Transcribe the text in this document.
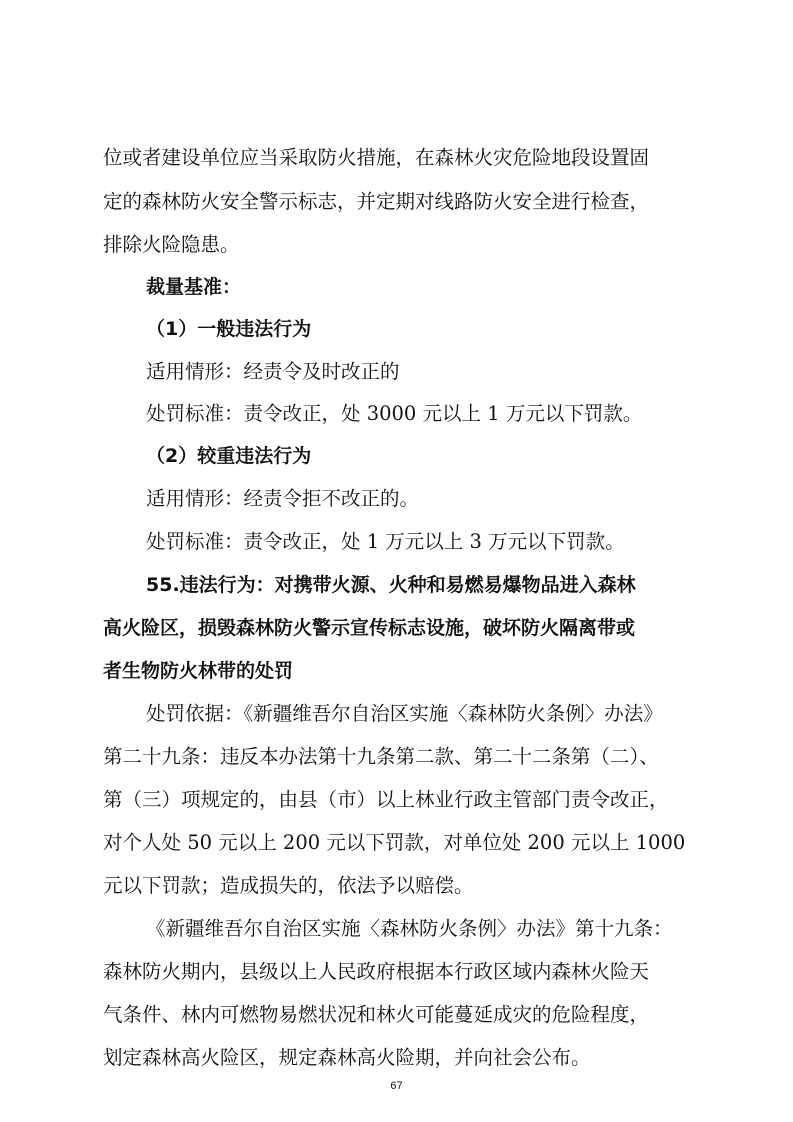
位或者建设单位应当采取防火措施，在森林火灾危险地段设置固

定的森林防火安全警示标志，并定期对线路防火安全进行检查，

排除火险隐患。

裁量基准：

（1）一般违法行为

适用情形：经责令及时改正的

处罚标准：责令改正，处 3000 元以上 1 万元以下罚款。

（2）较重违法行为

适用情形：经责令拒不改正的。

处罚标准：责令改正，处 1 万元以上 3 万元以下罚款。

55.违法行为：对携带火源、火种和易燃易爆物品进入森林

高火险区，损毁森林防火警示宣传标志设施，破坏防火隔离带或

者生物防火林带的处罚

处罚依据：《新疆维吾尔自治区实施〈森林防火条例〉办法》

第二十九条：违反本办法第十九条第二款、第二十二条第（二）、

第（三）项规定的，由县（市）以上林业行政主管部门责令改正，

对个人处 50 元以上 200 元以下罚款，对单位处 200 元以上 1000

元以下罚款；造成损失的，依法予以赔偿。

《新疆维吾尔自治区实施〈森林防火条例〉办法》第十九条：

森林防火期内，县级以上人民政府根据本行政区域内森林火险天

气条件、林内可燃物易燃状况和林火可能蔓延成灾的危险程度，

划定森林高火险区，规定森林高火险期，并向社会公布。

67
